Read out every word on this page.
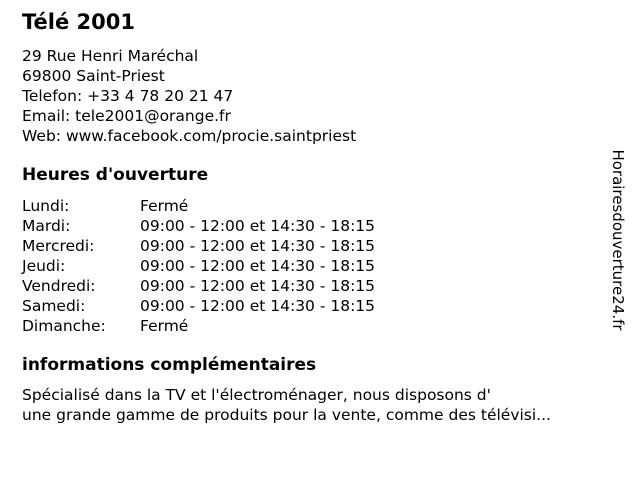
Télé 2001
29 Rue Henri Maréchal
69800 Saint-Priest
Telefon: +33 4 78 20 21 47
Email: tele2001@orange.fr
Web: www.facebook.com/procie.saintpriest
Heures d'ouverture
Lundi:	Fermé
Mardi:	09:00 - 12:00 et 14:30 - 18:15
Mercredi:	09:00 - 12:00 et 14:30 - 18:15
Jeudi:	09:00 - 12:00 et 14:30 - 18:15
Vendredi:	09:00 - 12:00 et 14:30 - 18:15
Samedi:	09:00 - 12:00 et 14:30 - 18:15
Dimanche: Fermé
informations complémentaires
Spécialisé dans la TV et l'électroménager, nous disposons d'
une grande gamme de produits pour la vente, comme des télévisi...
Horairesdouverture24.fr
